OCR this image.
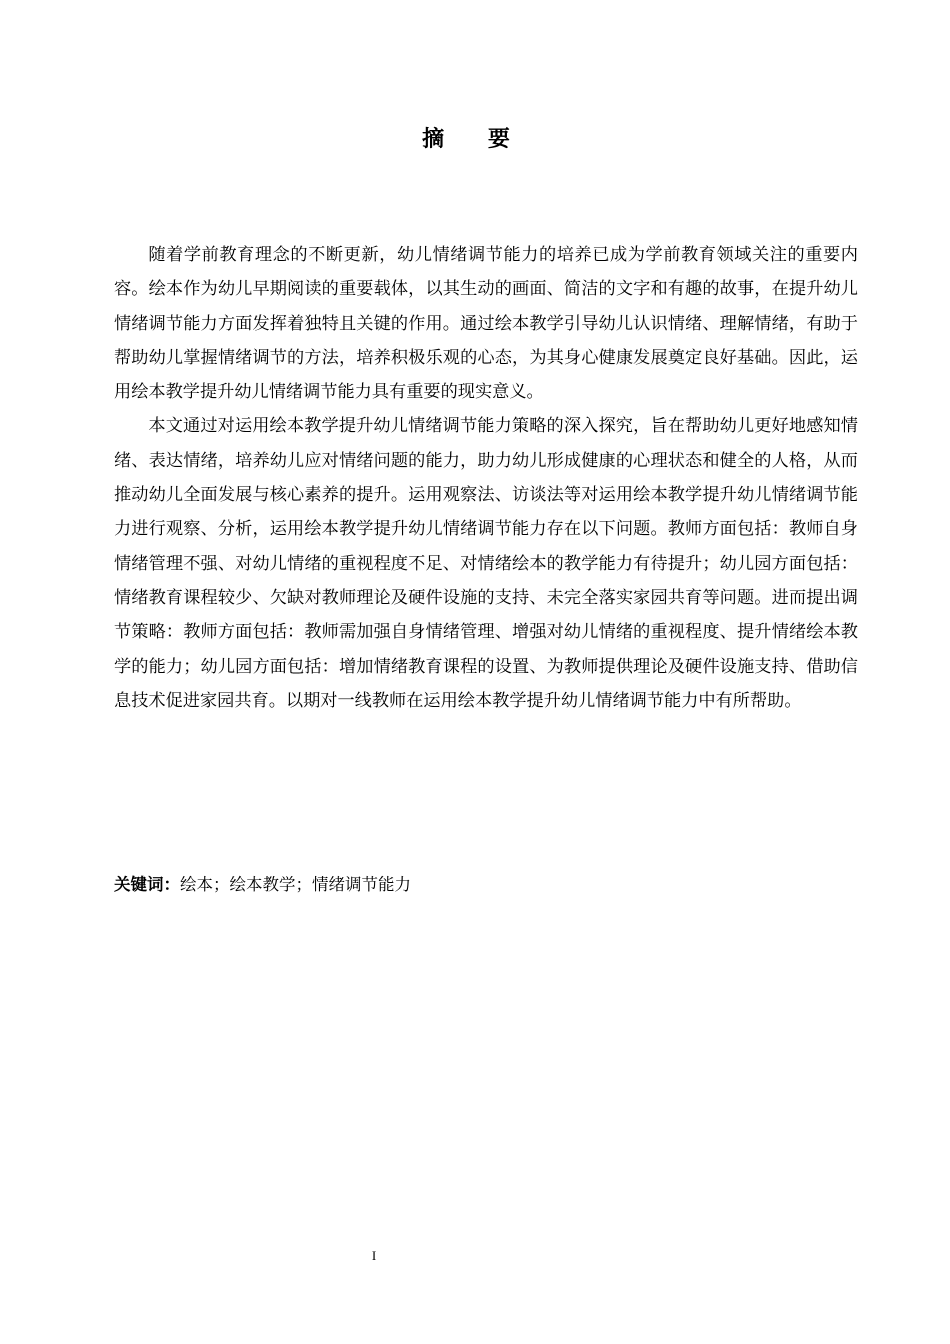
摘 要

随着学前教育理念的不断更新，幼儿情绪调节能力的培养已成为学前教育领域关注的重要内容。绘本作为幼儿早期阅读的重要载体，以其生动的画面、简洁的文字和有趣的故事，在提升幼儿情绪调节能力方面发挥着独特且关键的作用。通过绘本教学引导幼儿认识情绪、理解情绪，有助于帮助幼儿掌握情绪调节的方法，培养积极乐观的心态，为其身心健康发展奠定良好基础。因此，运用绘本教学提升幼儿情绪调节能力具有重要的现实意义。

本文通过对运用绘本教学提升幼儿情绪调节能力策略的深入探究，旨在帮助幼儿更好地感知情绪、表达情绪，培养幼儿应对情绪问题的能力，助力幼儿形成健康的心理状态和健全的人格，从而推动幼儿全面发展与核心素养的提升。运用观察法、访谈法等对运用绘本教学提升幼儿情绪调节能力进行观察、分析，运用绘本教学提升幼儿情绪调节能力存在以下问题。教师方面包括：教师自身情绪管理不强、对幼儿情绪的重视程度不足、对情绪绘本的教学能力有待提升；幼儿园方面包括：情绪教育课程较少、欠缺对教师理论及硬件设施的支持、未完全落实家园共育等问题。进而提出调节策略：教师方面包括：教师需加强自身情绪管理、增强对幼儿情绪的重视程度、提升情绪绘本教学的能力；幼儿园方面包括：增加情绪教育课程的设置、为教师提供理论及硬件设施支持、借助信息技术促进家园共育。以期对一线教师在运用绘本教学提升幼儿情绪调节能力中有所帮助。

关键词：绘本；绘本教学；情绪调节能力
I
